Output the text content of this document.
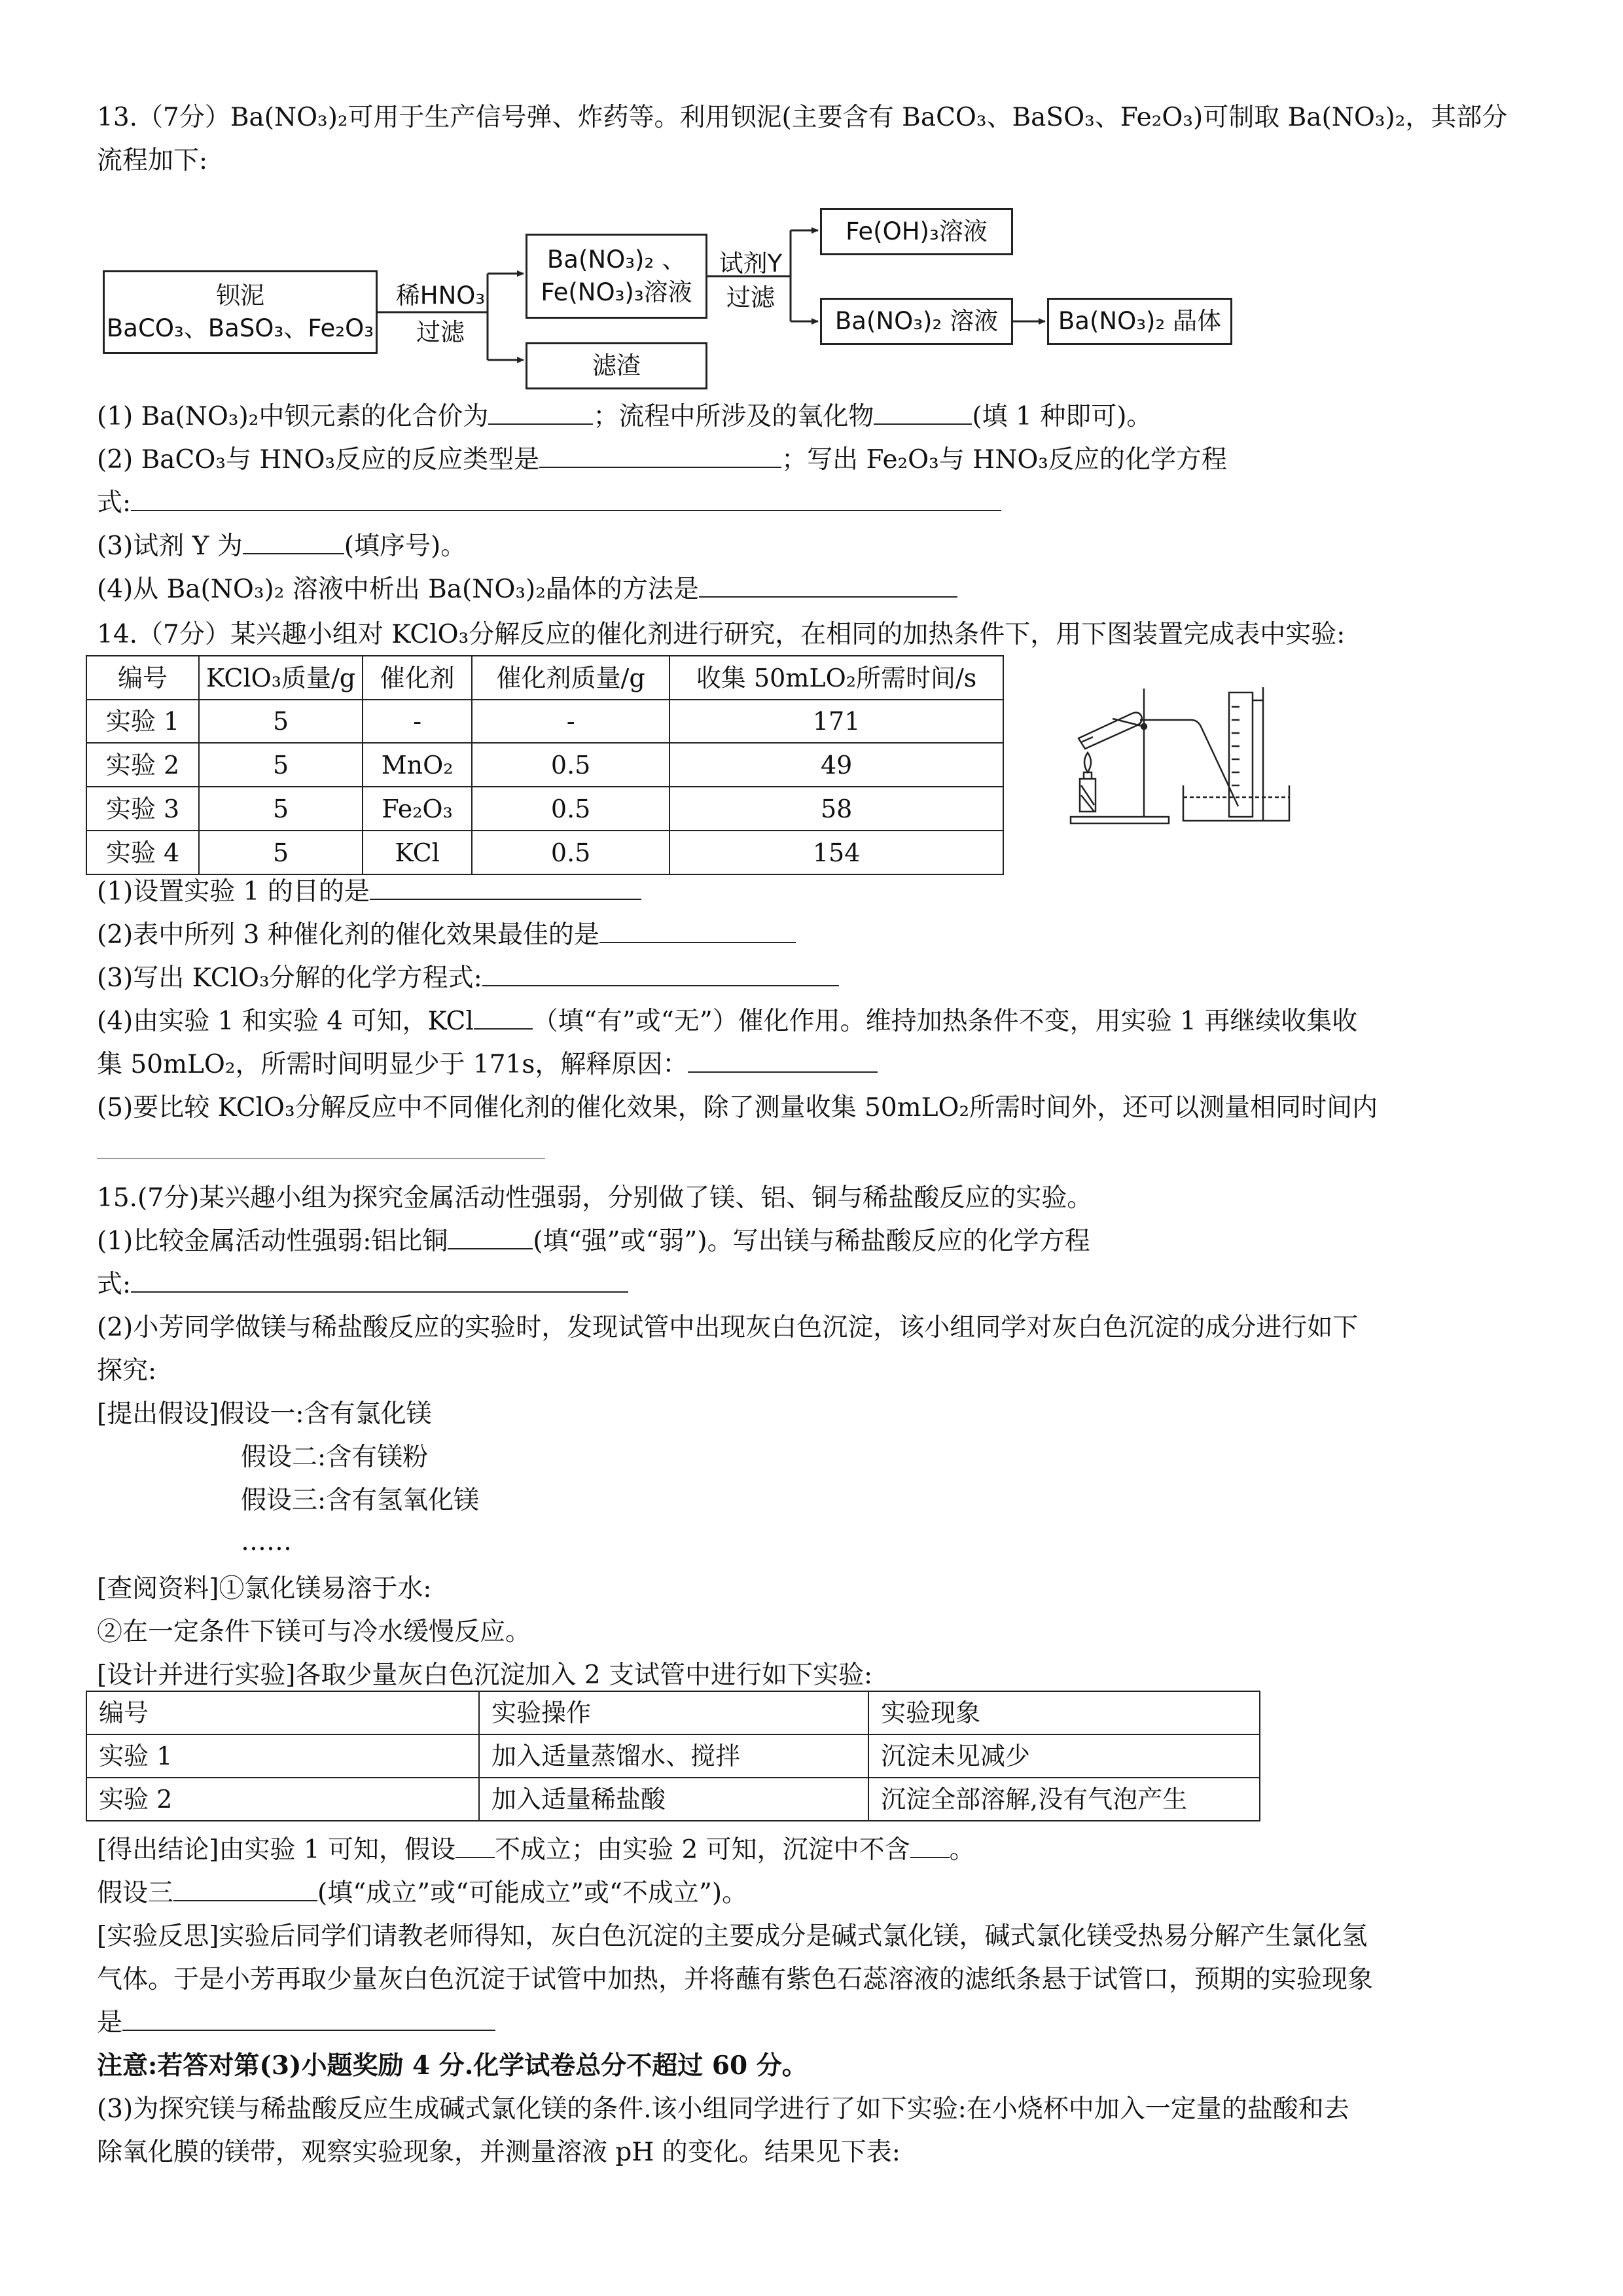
13.（7分）Ba(NO₃)₂可用于生产信号弹、炸药等。利用钡泥(主要含有 BaCO₃、BaSO₃、Fe₂O₃)可制取 Ba(NO₃)₂，其部分
流程加下:
钡泥
BaCO₃、BaSO₃、Fe₂O₃
稀HNO₃
过滤
Ba(NO₃)₂ 、
Fe(NO₃)₃溶液
滤渣
试剂Y
过滤
Fe(OH)₃溶液
Ba(NO₃)₂ 溶液 Ba(NO₃)₂ 晶体
(1) Ba(NO₃)₂中钡元素的化合价为	；流程中所涉及的氧化物	(填 1 种即可)。
(2) BaCO₃与 HNO₃反应的反应类型是	；写出 Fe₂O₃与 HNO₃反应的化学方程
式:
(3)试剂 Y 为	(填序号)。
(4)从 Ba(NO₃)₂ 溶液中析出 Ba(NO₃)₂晶体的方法是
14.（7分）某兴趣小组对 KClO₃分解反应的催化剂进行研究，在相同的加热条件下，用下图装置完成表中实验:
编号	KClO₃质量/g	催化剂	催化剂质量/g	收集 50mLO₂所需时间/s
实验 1	5	-	-	171
实验 2	5	MnO₂	0.5	49
实验 3	5	Fe₂O₃	0.5	58
实验 4	5	KCl	0.5	154
(1)设置实验 1 的目的是
(2)表中所列 3 种催化剂的催化效果最佳的是
(3)写出 KClO₃分解的化学方程式:
(4)由实验 1 和实验 4 可知，KCl （填“有”或“无”）催化作用。维持加热条件不变，用实验 1 再继续收集收
集 50mLO₂，所需时间明显少于 171s，解释原因：
(5)要比较 KClO₃分解反应中不同催化剂的催化效果，除了测量收集 50mLO₂所需时间外，还可以测量相同时间内
15.(7分)某兴趣小组为探究金属活动性强弱，分别做了镁、铝、铜与稀盐酸反应的实验。
(1)比较金属活动性强弱:铝比铜	(填“强”或“弱”)。写出镁与稀盐酸反应的化学方程
式:
(2)小芳同学做镁与稀盐酸反应的实验时，发现试管中出现灰白色沉淀，该小组同学对灰白色沉淀的成分进行如下
探究:
[提出假设]假设一:含有氯化镁
假设二:含有镁粉
假设三:含有氢氧化镁
……
[查阅资料]①氯化镁易溶于水:
②在一定条件下镁可与冷水缓慢反应。
[设计并进行实验]各取少量灰白色沉淀加入 2 支试管中进行如下实验:
编号	实验操作	实验现象
实验 1	加入适量蒸馏水、搅拌	沉淀未见减少
实验 2	加入适量稀盐酸	沉淀全部溶解,没有气泡产生
[得出结论]由实验 1 可知，假设 不成立；由实验 2 可知，沉淀中不含 。
假设三	(填“成立”或“可能成立”或“不成立”)。
[实验反思]实验后同学们请教老师得知，灰白色沉淀的主要成分是碱式氯化镁，碱式氯化镁受热易分解产生氯化氢
气体。于是小芳再取少量灰白色沉淀于试管中加热，并将蘸有紫色石蕊溶液的滤纸条悬于试管口，预期的实验现象
是
注意:若答对第(3)小题奖励 4 分.化学试卷总分不超过 60 分。
(3)为探究镁与稀盐酸反应生成碱式氯化镁的条件.该小组同学进行了如下实验:在小烧杯中加入一定量的盐酸和去
除氧化膜的镁带，观察实验现象，并测量溶液 pH 的变化。结果见下表:
